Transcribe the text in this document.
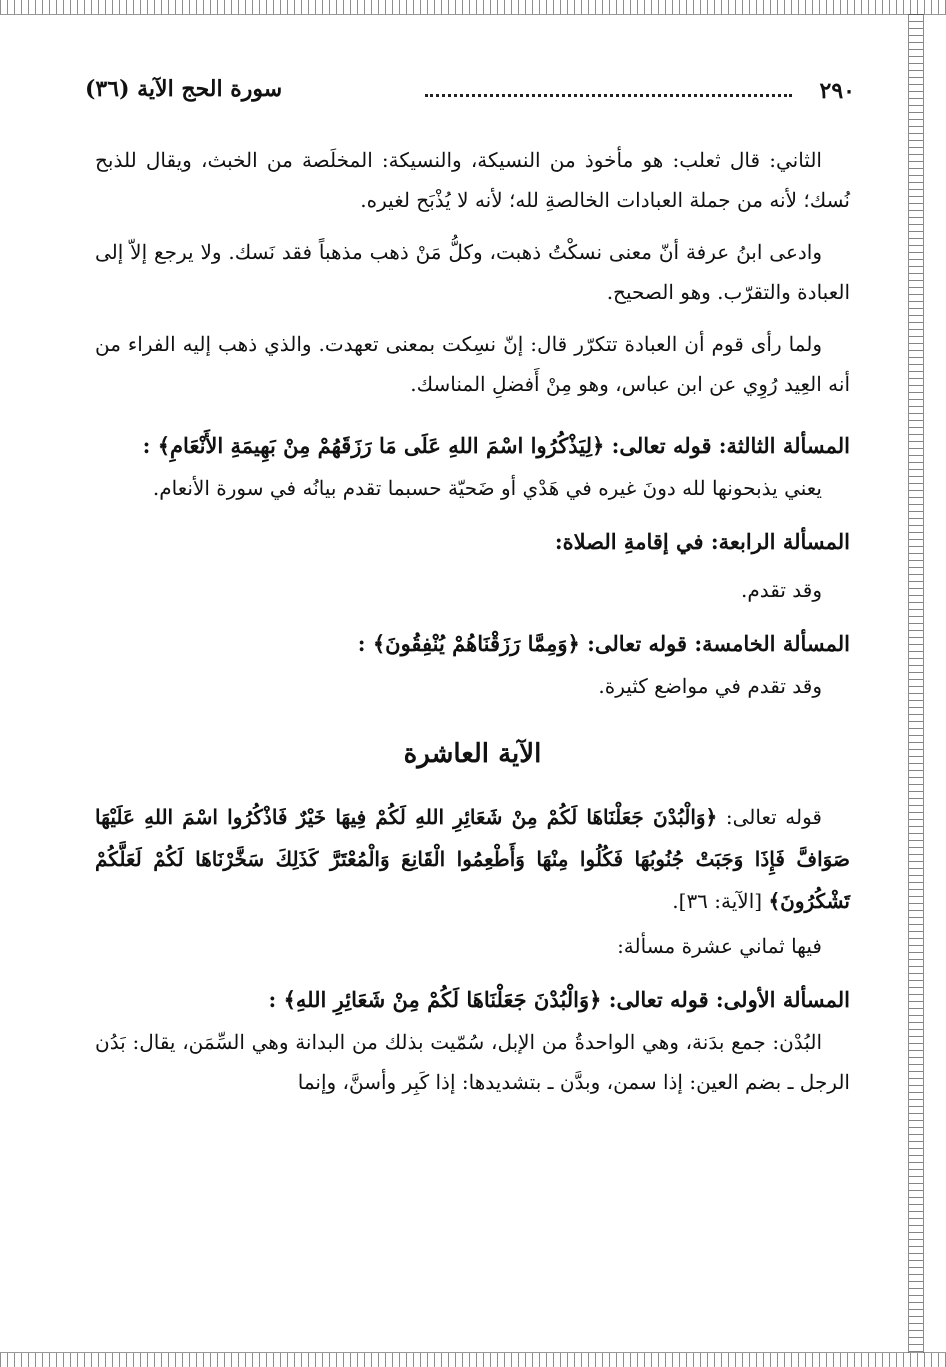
٢٩٠
سورة الحج الآية (٣٦)

الثاني: قال ثعلب: هو مأخوذ من النسيكة، والنسيكة: المخلَصة من الخبث، ويقال للذبح نُسك؛ لأنه من جملة العبادات الخالصةِ لله؛ لأنه لا يُذْبَح لغيره.

وادعى ابنُ عرفة أنّ معنى نسكْتُ ذهبت، وكلُّ مَنْ ذهب مذهباً فقد نَسك. ولا يرجع إلاّ إلى العبادة والتقرّب. وهو الصحيح.

ولما رأى قوم أن العبادة تتكرّر قال: إنّ نسِكت بمعنى تعهدت. والذي ذهب إليه الفراء من أنه العِيد رُوِي عن ابن عباس، وهو مِنْ أَفضلِ المناسك.

المسألة الثالثة: قوله تعالى: ﴿لِيَذْكُرُوا اسْمَ اللهِ عَلَى مَا رَزَقَهُمْ مِنْ بَهِيمَةِ الأَنْعَامِ﴾ :

يعني يذبحونها لله دونَ غيره في هَدْي أو ضَحيّة حسبما تقدم بيانُه في سورة الأنعام.

المسألة الرابعة: في إقامةِ الصلاة:

وقد تقدم.

المسألة الخامسة: قوله تعالى: ﴿وَمِمَّا رَزَقْنَاهُمْ يُنْفِقُونَ﴾ :

وقد تقدم في مواضع كثيرة.

الآية العاشرة

قوله تعالى: ﴿وَالْبُدْنَ جَعَلْنَاهَا لَكُمْ مِنْ شَعَائِرِ اللهِ لَكُمْ فِيهَا خَيْرٌ فَاذْكُرُوا اسْمَ اللهِ عَلَيْهَا صَوَافَّ فَإِذَا وَجَبَتْ جُنُوبُهَا فَكُلُوا مِنْهَا وَأَطْعِمُوا الْقَانِعَ وَالْمُعْتَرَّ كَذَلِكَ سَخَّرْنَاهَا لَكُمْ لَعَلَّكُمْ تَشْكُرُونَ﴾ [الآية: ٣٦].

فيها ثماني عشرة مسألة:

المسألة الأولى: قوله تعالى: ﴿وَالْبُدْنَ جَعَلْنَاهَا لَكُمْ مِنْ شَعَائِرِ اللهِ﴾ :

البُدْن: جمع بدَنة، وهي الواحدةُ من الإبل، سُمّيت بذلك من البدانة وهي السِّمَن، يقال: بَدُن الرجل ـ بضم العين: إذا سمن، وبدَّن ـ بتشديدها: إذا كَبِر وأسنَّ، وإنما
